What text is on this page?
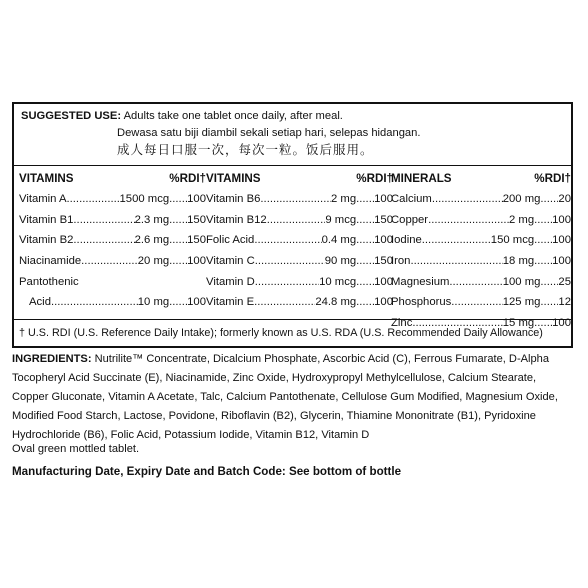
SUGGESTED USE: Adults take one tablet once daily, after meal.
Dewasa satu biji diambil sekali setiap hari, selepas hidangan.
成人每日口服一次，每次一粒。饭后服用。
VITAMINS	%RDI†
Vitamin A .....	1500 mcg ........ 100
Vitamin B1 .....	2.3 mg ........ 150
Vitamin B2 .....	2.6 mg ........ 150
Niacinamide .....	20 mg ........ 100
Pantothenic
Acid .....	10 mg ........ 100
VITAMINS	%RDI†
Vitamin B6 .....	2 mg ........ 100
Vitamin B12 .....	9 mcg ........ 150
Folic Acid .....	0.4 mg ........ 100
Vitamin C .....	90 mg ........ 150
Vitamin D .....	10 mcg ........ 100
Vitamin E .....	24.8 mg ........ 100
MINERALS	%RDI†
Calcium .....	200 mg ........ 20
Copper .....	2 mg ........ 100
Iodine .....	150 mcg ........ 100
Iron .....	18 mg ........ 100
Magnesium .....	100 mg ........ 25
Phosphorus .....	125 mg ........ 12
Zinc .....	15 mg ........ 100
† U.S. RDI (U.S. Reference Daily Intake); formerly known as U.S. RDA (U.S. Recommended Daily Allowance)
INGREDIENTS: Nutrilite™ Concentrate, Dicalcium Phosphate, Ascorbic Acid (C), Ferrous Fumarate, D-Alpha Tocopheryl Acid Succinate (E), Niacinamide, Zinc Oxide, Hydroxypropyl Methylcellulose, Calcium Stearate, Copper Gluconate, Vitamin A Acetate, Talc, Calcium Pantothenate, Cellulose Gum Modified, Magnesium Oxide, Modified Food Starch, Lactose, Povidone, Riboflavin (B2), Glycerin, Thiamine Mononitrate (B1), Pyridoxine Hydrochloride (B6), Folic Acid, Potassium Iodide, Vitamin B12, Vitamin D
Oval green mottled tablet.
Manufacturing Date, Expiry Date and Batch Code: See bottom of bottle
